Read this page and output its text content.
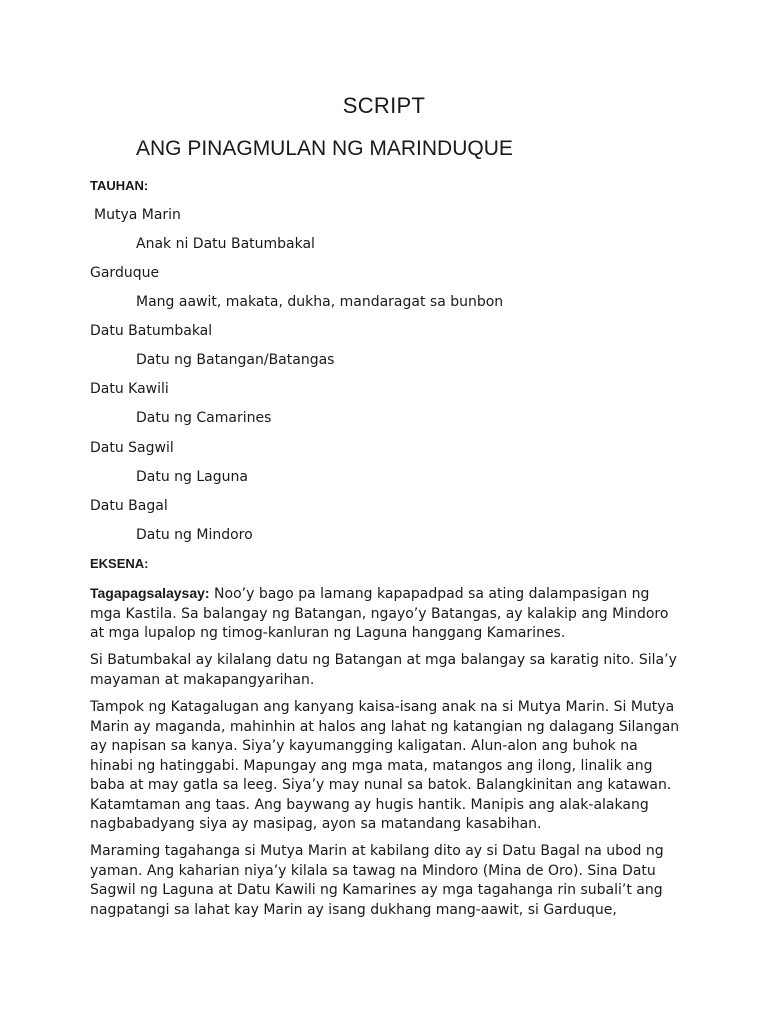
SCRIPT
ANG PINAGMULAN NG MARINDUQUE
TAUHAN:
Mutya Marin
Anak ni Datu Batumbakal
Garduque
Mang aawit, makata, dukha, mandaragat sa bunbon
Datu Batumbakal
Datu ng Batangan/Batangas
Datu Kawili
Datu ng Camarines
Datu Sagwil
Datu ng Laguna
Datu Bagal
Datu ng Mindoro
EKSENA:

Tagapagsalaysay: Noo’y bago pa lamang kapapadpad sa ating dalampasigan ng mga Kastila. Sa balangay ng Batangan, ngayo’y Batangas, ay kalakip ang Mindoro at mga lupalop ng timog-kanluran ng Laguna hanggang Kamarines.

Si Batumbakal ay kilalang datu ng Batangan at mga balangay sa karatig nito. Sila’y mayaman at makapangyarihan.

Tampok ng Katagalugan ang kanyang kaisa-isang anak na si Mutya Marin. Si Mutya Marin ay maganda, mahinhin at halos ang lahat ng katangian ng dalagang Silangan ay napisan sa kanya. Siya’y kayumangging kaligatan. Alun-alon ang buhok na hinabi ng hatinggabi. Mapungay ang mga mata, matangos ang ilong, linalik ang baba at may gatla sa leeg. Siya’y may nunal sa batok. Balangkinitan ang katawan. Katamtaman ang taas. Ang baywang ay hugis hantik. Manipis ang alak-alakang nagbabadyang siya ay masipag, ayon sa matandang kasabihan.

Maraming tagahanga si Mutya Marin at kabilang dito ay si Datu Bagal na ubod ng yaman. Ang kaharian niya’y kilala sa tawag na Mindoro (Mina de Oro). Sina Datu Sagwil ng Laguna at Datu Kawili ng Kamarines ay mga tagahanga rin subali’t ang nagpatangi sa lahat kay Marin ay isang dukhang mang-aawit, si Garduque,
